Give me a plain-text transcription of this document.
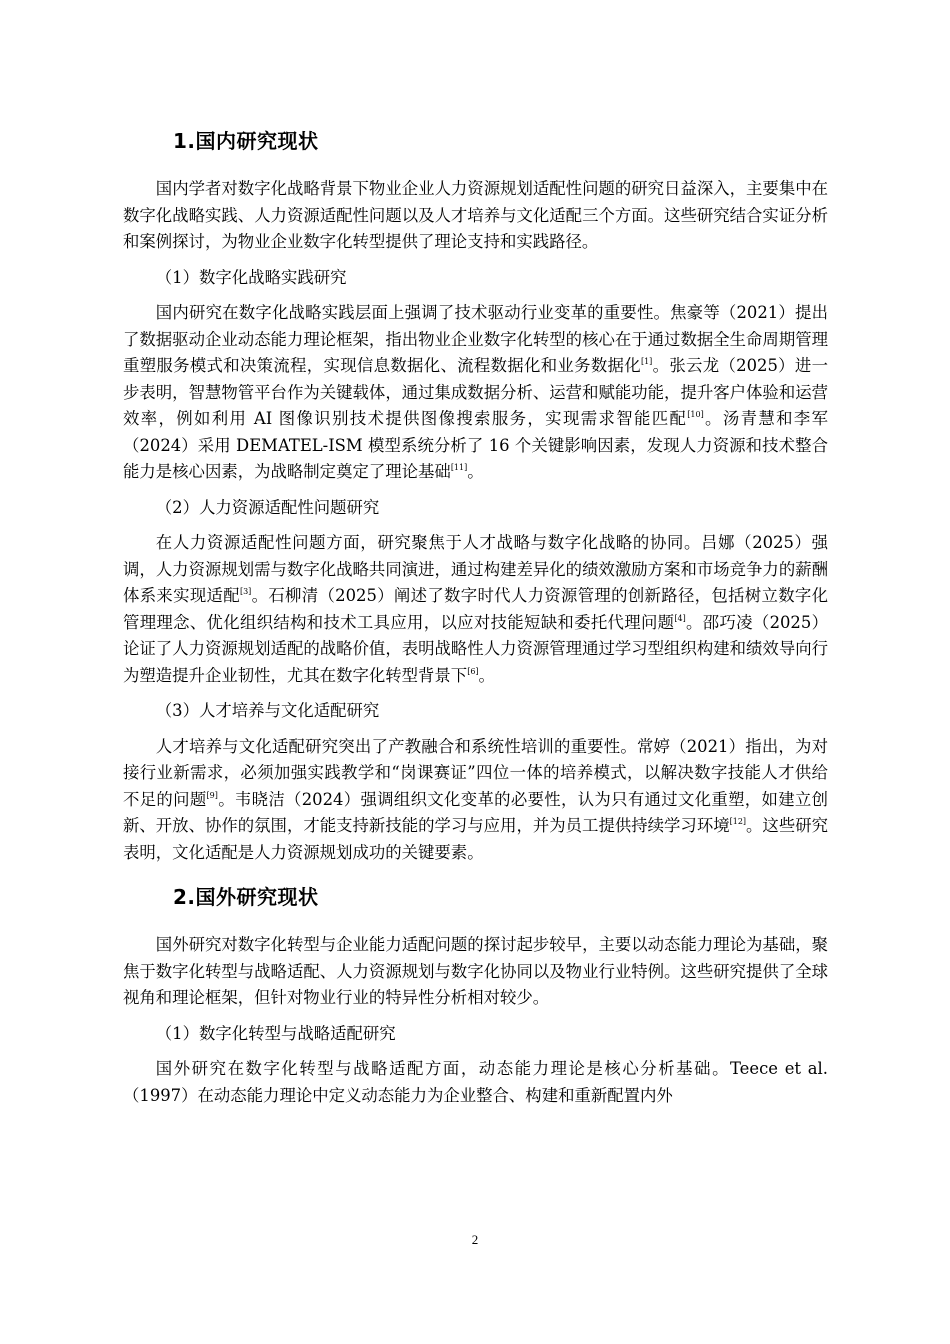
1.国内研究现状

国内学者对数字化战略背景下物业企业人力资源规划适配性问题的研究日益深入，主要集中在数字化战略实践、人力资源适配性问题以及人才培养与文化适配三个方面。这些研究结合实证分析和案例探讨，为物业企业数字化转型提供了理论支持和实践路径。

（1）数字化战略实践研究

国内研究在数字化战略实践层面上强调了技术驱动行业变革的重要性。焦豪等（2021）提出了数据驱动企业动态能力理论框架，指出物业企业数字化转型的核心在于通过数据全生命周期管理重塑服务模式和决策流程，实现信息数据化、流程数据化和业务数据化[1]。张云龙（2025）进一步表明，智慧物管平台作为关键载体，通过集成数据分析、运营和赋能功能，提升客户体验和运营效率，例如利用 AI 图像识别技术提供图像搜索服务，实现需求智能匹配[10]。汤青慧和李军（2024）采用 DEMATEL-ISM 模型系统分析了 16 个关键影响因素，发现人力资源和技术整合能力是核心因素，为战略制定奠定了理论基础[11]。

（2）人力资源适配性问题研究

在人力资源适配性问题方面，研究聚焦于人才战略与数字化战略的协同。吕娜（2025）强调，人力资源规划需与数字化战略共同演进，通过构建差异化的绩效激励方案和市场竞争力的薪酬体系来实现适配[3]。石柳清（2025）阐述了数字时代人力资源管理的创新路径，包括树立数字化管理理念、优化组织结构和技术工具应用，以应对技能短缺和委托代理问题[4]。邵巧凌（2025）论证了人力资源规划适配的战略价值，表明战略性人力资源管理通过学习型组织构建和绩效导向行为塑造提升企业韧性，尤其在数字化转型背景下[6]。

（3）人才培养与文化适配研究

人才培养与文化适配研究突出了产教融合和系统性培训的重要性。常婷（2021）指出，为对接行业新需求，必须加强实践教学和“岗课赛证”四位一体的培养模式，以解决数字技能人才供给不足的问题[9]。韦晓洁（2024）强调组织文化变革的必要性，认为只有通过文化重塑，如建立创新、开放、协作的氛围，才能支持新技能的学习与应用，并为员工提供持续学习环境[12]。这些研究表明，文化适配是人力资源规划成功的关键要素。

2.国外研究现状

国外研究对数字化转型与企业能力适配问题的探讨起步较早，主要以动态能力理论为基础，聚焦于数字化转型与战略适配、人力资源规划与数字化协同以及物业行业特例。这些研究提供了全球视角和理论框架，但针对物业行业的特异性分析相对较少。

（1）数字化转型与战略适配研究

国外研究在数字化转型与战略适配方面，动态能力理论是核心分析基础。Teece et al.（1997）在动态能力理论中定义动态能力为企业整合、构建和重新配置内外

2
